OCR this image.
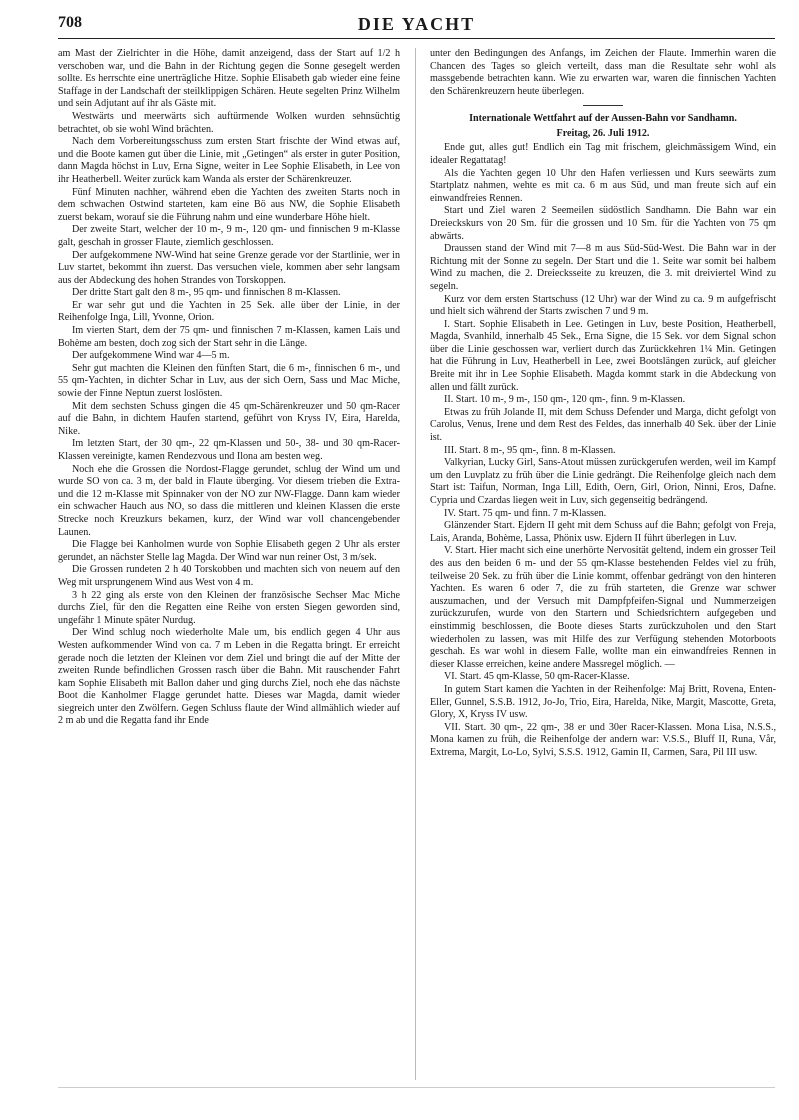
708	DIE YACHT

am Mast der Zielrichter in die Höhe, damit anzeigend, dass der Start auf 1/2 h verschoben war, und die Bahn in der Richtung gegen die Sonne gesegelt werden sollte. Es herrschte eine unerträgliche Hitze. Sophie Elisabeth gab wieder eine feine Staffage in der Landschaft der steilklippigen Schären. Heute segelten Prinz Wilhelm und sein Adjutant auf ihr als Gäste mit.

Westwärts und meerwärts sich auftürmende Wolken wurden sehnsüchtig betrachtet, ob sie wohl Wind brächten.

Nach dem Vorbereitungsschuss zum ersten Start frischte der Wind etwas auf, und die Boote kamen gut über die Linie, mit „Getingen“ als erster in guter Position, dann Magda höchst in Luv, Erna Signe, weiter in Lee Sophie Elisabeth, in Lee von ihr Heatherbell. Weiter zurück kam Wanda als erster der Schärenkreuzer.

Fünf Minuten nachher, während eben die Yachten des zweiten Starts noch in dem schwachen Ostwind starteten, kam eine Bö aus NW, die Sophie Elisabeth zuerst bekam, worauf sie die Führung nahm und eine wunderbare Höhe hielt.

Der zweite Start, welcher der 10 m-, 9 m-, 120 qm- und finnischen 9 m-Klasse galt, geschah in grosser Flaute, ziemlich geschlossen.

Der aufgekommene NW-Wind hat seine Grenze gerade vor der Startlinie, wer in Luv startet, bekommt ihn zuerst. Das versuchen viele, kommen aber sehr langsam aus der Abdeckung des hohen Strandes von Torskoppen.

Der dritte Start galt den 8 m-, 95 qm- und finnischen 8 m-Klassen.

Er war sehr gut und die Yachten in 25 Sek. alle über der Linie, in der Reihenfolge Inga, Lill, Yvonne, Orion.

Im vierten Start, dem der 75 qm- und finnischen 7 m-Klassen, kamen Lais und Bohème am besten, doch zog sich der Start sehr in die Länge.

Der aufgekommene Wind war 4—5 m.

Sehr gut machten die Kleinen den fünften Start, die 6 m-, finnischen 6 m-, und 55 qm-Yachten, in dichter Schar in Luv, aus der sich Oern, Sass und Mac Miche, sowie der Finne Neptun zuerst loslösten.

Mit dem sechsten Schuss gingen die 45 qm-Schärenkreuzer und 50 qm-Racer auf die Bahn, in dichtem Haufen startend, geführt von Kryss IV, Eira, Harelda, Nike.

Im letzten Start, der 30 qm-, 22 qm-Klassen und 50-, 38- und 30 qm-Racer-Klassen vereinigte, kamen Rendezvous und Ilona am besten weg.

Noch ehe die Grossen die Nordost-Flagge gerundet, schlug der Wind um und wurde SO von ca. 3 m, der bald in Flaute überging. Vor diesem trieben die Extra- und die 12 m-Klasse mit Spinnaker von der NO zur NW-Flagge. Dann kam wieder ein schwacher Hauch aus NO, so dass die mittleren und kleinen Klassen die erste Strecke noch Kreuzkurs bekamen, kurz, der Wind war voll chancengebender Launen.

Die Flagge bei Kanholmen wurde von Sophie Elisabeth gegen 2 Uhr als erster gerundet, an nächster Stelle lag Magda. Der Wind war nun reiner Ost, 3 m/sek.

Die Grossen rundeten 2 h 40 Torskobben und machten sich von neuem auf den Weg mit ursprungenem Wind aus West von 4 m.

3 h 22 ging als erste von den Kleinen der französische Sechser Mac Miche durchs Ziel, für den die Regatten eine Reihe von ersten Siegen geworden sind, ungefähr 1 Minute später Nurdug.

Der Wind schlug noch wiederholte Male um, bis endlich gegen 4 Uhr aus Westen aufkommender Wind von ca. 7 m Leben in die Regatta bringt. Er erreicht gerade noch die letzten der Kleinen vor dem Ziel und bringt die auf der Mitte der zweiten Runde befindlichen Grossen rasch über die Bahn. Mit rauschender Fahrt kam Sophie Elisabeth mit Ballon daher und ging durchs Ziel, noch ehe das nächste Boot die Kanholmer Flagge gerundet hatte. Dieses war Magda, damit wieder siegreich unter den Zwölfern. Gegen Schluss flaute der Wind allmählich wieder auf 2 m ab und die Regatta fand ihr Ende

unter den Bedingungen des Anfangs, im Zeichen der Flaute. Immerhin waren die Chancen des Tages so gleich verteilt, dass man die Resultate sehr wohl als massgebende betrachten kann. Wie zu erwarten war, waren die finnischen Yachten den Schärenkreuzern heute überlegen.

Internationale Wettfahrt auf der Aussen-Bahn vor Sandhamn.

Freitag, 26. Juli 1912.

Ende gut, alles gut! Endlich ein Tag mit frischem, gleichmässigem Wind, ein idealer Regattatag!

Als die Yachten gegen 10 Uhr den Hafen verliessen und Kurs seewärts zum Startplatz nahmen, wehte es mit ca. 6 m aus Süd, und man freute sich auf ein einwandfreies Rennen.

Start und Ziel waren 2 Seemeilen südöstlich Sandhamn. Die Bahn war ein Dreieckskurs von 20 Sm. für die grossen und 10 Sm. für die Yachten von 75 qm abwärts.

Draussen stand der Wind mit 7—8 m aus Süd-Süd-West. Die Bahn war in der Richtung mit der Sonne zu segeln. Der Start und die 1. Seite war somit bei halbem Wind zu machen, die 2. Dreiecksseite zu kreuzen, die 3. mit dreiviertel Wind zu segeln.

Kurz vor dem ersten Startschuss (12 Uhr) war der Wind zu ca. 9 m aufgefrischt und hielt sich während der Starts zwischen 7 und 9 m.

I. Start. Sophie Elisabeth in Lee. Getingen in Luv, beste Position, Heatherbell, Magda, Svanhild, innerhalb 45 Sek., Erna Signe, die 15 Sek. vor dem Signal schon über die Linie geschossen war, verliert durch das Zurückkehren 1¼ Min. Getingen hat die Führung in Luv, Heatherbell in Lee, zwei Bootslängen zurück, auf gleicher Breite mit ihr in Lee Sophie Elisabeth. Magda kommt stark in die Abdeckung von allen und fällt zurück.

II. Start. 10 m-, 9 m-, 150 qm-, 120 qm-, finn. 9 m-Klassen.

Etwas zu früh Jolande II, mit dem Schuss Defender und Marga, dicht gefolgt von Carolus, Venus, Irene und dem Rest des Feldes, das innerhalb 40 Sek. über der Linie ist.

III. Start. 8 m-, 95 qm-, finn. 8 m-Klassen.

Valkyrian, Lucky Girl, Sans-Atout müssen zurückgerufen werden, weil im Kampf um den Luvplatz zu früh über die Linie gedrängt. Die Reihenfolge gleich nach dem Start ist: Taifun, Norman, Inga Lill, Edith, Oern, Girl, Orion, Ninni, Eros, Dafne. Cypria und Czardas liegen weit in Luv, sich gegenseitig bedrängend.

IV. Start. 75 qm- und finn. 7 m-Klassen.

Glänzender Start. Ejdern II geht mit dem Schuss auf die Bahn; gefolgt von Freja, Lais, Aranda, Bohème, Lassa, Phönix usw. Ejdern II führt überlegen in Luv.

V. Start. Hier macht sich eine unerhörte Nervosität geltend, indem ein grosser Teil des aus den beiden 6 m- und der 55 qm-Klasse bestehenden Feldes viel zu früh, teilweise 20 Sek. zu früh über die Linie kommt, offenbar gedrängt von den hinteren Yachten. Es waren 6 oder 7, die zu früh starteten, die Grenze war schwer auszumachen, und der Versuch mit Dampfpfeifen-Signal und Nummerzeigen zurückzurufen, wurde von den Startern und Schiedsrichtern aufgegeben und einstimmig beschlossen, die Boote dieses Starts zurückzuholen und den Start wiederholen zu lassen, was mit Hilfe des zur Verfügung stehenden Motorboots geschah. Es war wohl in diesem Falle, wollte man ein einwandfreies Rennen in dieser Klasse erreichen, keine andere Massregel möglich. —

VI. Start. 45 qm-Klasse, 50 qm-Racer-Klasse.

In gutem Start kamen die Yachten in der Reihenfolge: Maj Britt, Rovena, Enten-Eller, Gunnel, S.S.B. 1912, Jo-Jo, Trio, Eira, Harelda, Nike, Margit, Mascotte, Greta, Glory, X, Kryss IV usw.

VII. Start. 30 qm-, 22 qm-, 38 er und 30er Racer-Klassen. Mona Lisa, N.S.S., Mona kamen zu früh, die Reihenfolge der andern war: V.S.S., Bluff II, Runa, Vår, Extrema, Margit, Lo-Lo, Sylvi, S.S.S. 1912, Gamin II, Carmen, Sara, Pil III usw.
